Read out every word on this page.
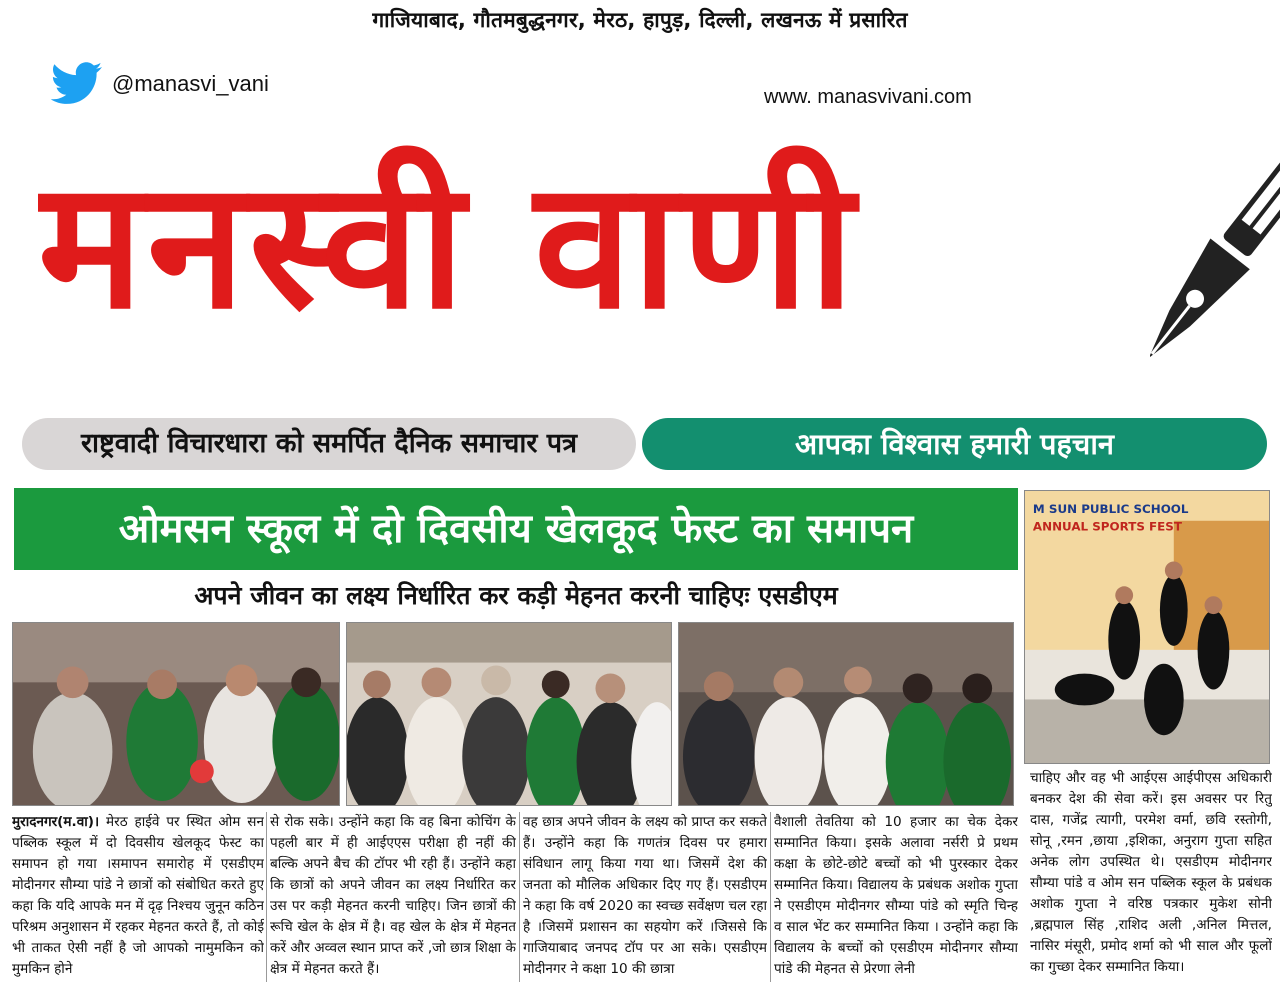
गाजियाबाद, गौतमबुद्धनगर, मेरठ, हापुड़, दिल्ली, लखनऊ में प्रसारित
@manasvi_vani
www. manasvivani.com
मनस्वी वाणी
राष्ट्रवादी विचारधारा को समर्पित दैनिक समाचार पत्र	आपका विश्वास हमारी पहचान
ओमसन स्कूल में दो दिवसीय खेलकूद फेस्ट का समापन
अपने जीवन का लक्ष्य निर्धारित कर कड़ी मेहनत करनी चाहिएः एसडीएम
M SUN PUBLIC SCHOOL
ANNUAL SPORTS FEST
मुरादनगर(म.वा)। मेरठ हाईवे पर स्थित ओम सन पब्लिक स्कूल में दो दिवसीय खेलकूद फेस्ट का समापन हो गया ।समापन समारोह में एसडीएम मोदीनगर सौम्या पांडे ने छात्रों को संबोधित करते हुए कहा कि यदि आपके मन में दृढ़ निश्चय जुनून कठिन परिश्रम अनुशासन में रहकर मेहनत करते हैं, तो कोई भी ताकत ऐसी नहीं है जो आपको नामुमकिन को मुमकिन होने
से रोक सके। उन्होंने कहा कि वह बिना कोचिंग के पहली बार में ही आईएएस परीक्षा ही नहीं की बल्कि अपने बैच की टॉपर भी रही हैं। उन्होंने कहा कि छात्रों को अपने जीवन का लक्ष्य निर्धारित कर उस पर कड़ी मेहनत करनी चाहिए। जिन छात्रों की रूचि खेल के क्षेत्र में है। वह खेल के क्षेत्र में मेहनत करें और अव्वल स्थान प्राप्त करें ,जो छात्र शिक्षा के क्षेत्र में मेहनत करते हैं।
वह छात्र अपने जीवन के लक्ष्य को प्राप्त कर सकते हैं। उन्होंने कहा कि गणतंत्र दिवस पर हमारा संविधान लागू किया गया था। जिसमें देश की जनता को मौलिक अधिकार दिए गए हैं। एसडीएम ने कहा कि वर्ष 2020 का स्वच्छ सर्वेक्षण चल रहा है ।जिसमें प्रशासन का सहयोग करें ।जिससे कि गाजियाबाद जनपद टॉप पर आ सके। एसडीएम मोदीनगर ने कक्षा 10 की छात्रा
वैशाली तेवतिया को 10 हजार का चेक देकर सम्मानित किया। इसके अलावा नर्सरी प्रे प्रथम कक्षा के छोटे-छोटे बच्चों को भी पुरस्कार देकर सम्मानित किया। विद्यालय के प्रबंधक अशोक गुप्ता ने एसडीएम मोदीनगर सौम्या पांडे को स्मृति चिन्ह व साल भेंट कर सम्मानित किया । उन्होंने कहा कि विद्यालय के बच्चों को एसडीएम मोदीनगर सौम्या पांडे की मेहनत से प्रेरणा लेनी
चाहिए और वह भी आईएस आईपीएस अधिकारी बनकर देश की सेवा करें। इस अवसर पर रितु दास, गजेंद्र त्यागी, परमेश वर्मा, छवि रस्तोगी, सोनू ,रमन ,छाया ,इशिका, अनुराग गुप्ता सहित अनेक लोग उपस्थित थे। एसडीएम मोदीनगर सौम्या पांडे व ओम सन पब्लिक स्कूल के प्रबंधक अशोक गुप्ता ने वरिष्ठ पत्रकार मुकेश सोनी ,ब्रह्मपाल सिंह ,राशिद अली ,अनिल मित्तल, नासिर मंसूरी, प्रमोद शर्मा को भी साल और फूलों का गुच्छा देकर सम्मानित किया।
